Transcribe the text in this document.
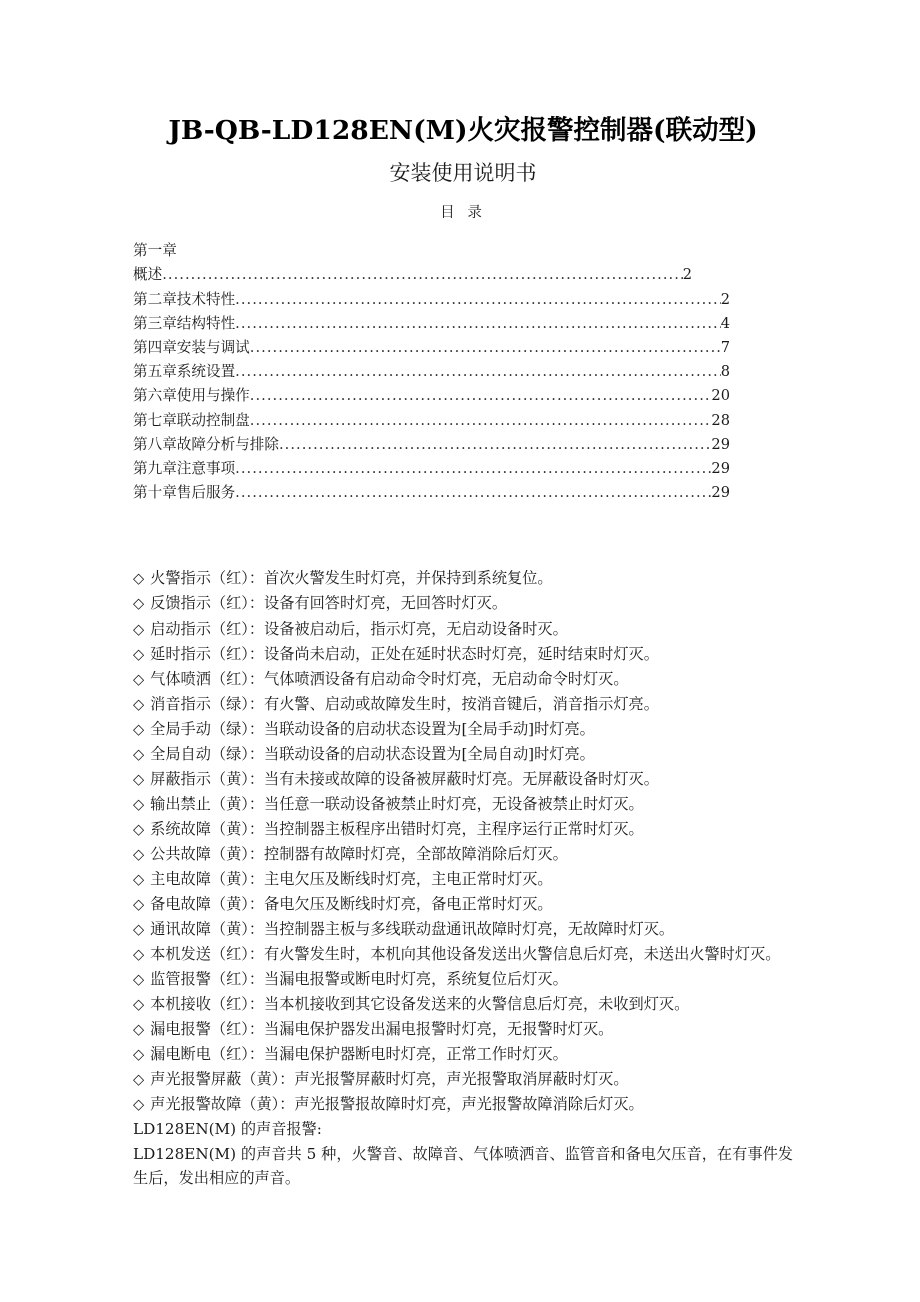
JB-QB-LD128EN(M)火灾报警控制器(联动型)
安装使用说明书
目 录
第一章
概述 .....	2
第二章技术特性 .....	2
第三章结构特性 .....	4
第四章安装与调试 .....	7
第五章系统设置 .....	8
第六章使用与操作 .....	20
第七章联动控制盘 .....	28
第八章故障分析与排除 .....	29
第九章注意事项 .....	29
第十章售后服务 .....	29
◇ 火警指示（红）：首次火警发生时灯亮，并保持到系统复位。
◇ 反馈指示（红）：设备有回答时灯亮，无回答时灯灭。
◇ 启动指示（红）：设备被启动后，指示灯亮，无启动设备时灭。
◇ 延时指示（红）：设备尚未启动，正处在延时状态时灯亮，延时结束时灯灭。
◇ 气体喷洒（红）：气体喷洒设备有启动命令时灯亮，无启动命令时灯灭。
◇ 消音指示（绿）：有火警、启动或故障发生时，按消音键后，消音指示灯亮。
◇ 全局手动（绿）：当联动设备的启动状态设置为[全局手动]时灯亮。
◇ 全局自动（绿）：当联动设备的启动状态设置为[全局自动]时灯亮。
◇ 屏蔽指示（黄）：当有未接或故障的设备被屏蔽时灯亮。无屏蔽设备时灯灭。
◇ 输出禁止（黄）：当任意一联动设备被禁止时灯亮，无设备被禁止时灯灭。
◇ 系统故障（黄）：当控制器主板程序出错时灯亮，主程序运行正常时灯灭。
◇ 公共故障（黄）：控制器有故障时灯亮，全部故障消除后灯灭。
◇ 主电故障（黄）：主电欠压及断线时灯亮，主电正常时灯灭。
◇ 备电故障（黄）：备电欠压及断线时灯亮，备电正常时灯灭。
◇ 通讯故障（黄）：当控制器主板与多线联动盘通讯故障时灯亮，无故障时灯灭。
◇ 本机发送（红）：有火警发生时，本机向其他设备发送出火警信息后灯亮，未送出火警时灯灭。
◇ 监管报警（红）：当漏电报警或断电时灯亮，系统复位后灯灭。
◇ 本机接收（红）：当本机接收到其它设备发送来的火警信息后灯亮，未收到灯灭。
◇ 漏电报警（红）：当漏电保护器发出漏电报警时灯亮，无报警时灯灭。
◇ 漏电断电（红）：当漏电保护器断电时灯亮，正常工作时灯灭。
◇ 声光报警屏蔽（黄）：声光报警屏蔽时灯亮，声光报警取消屏蔽时灯灭。
◇ 声光报警故障（黄）：声光报警报故障时灯亮，声光报警故障消除后灯灭。

LD128EN(M) 的声音报警:

LD128EN(M) 的声音共 5 种，火警音、故障音、气体喷洒音、监管音和备电欠压音，在有事件发生后，发出相应的声音。
